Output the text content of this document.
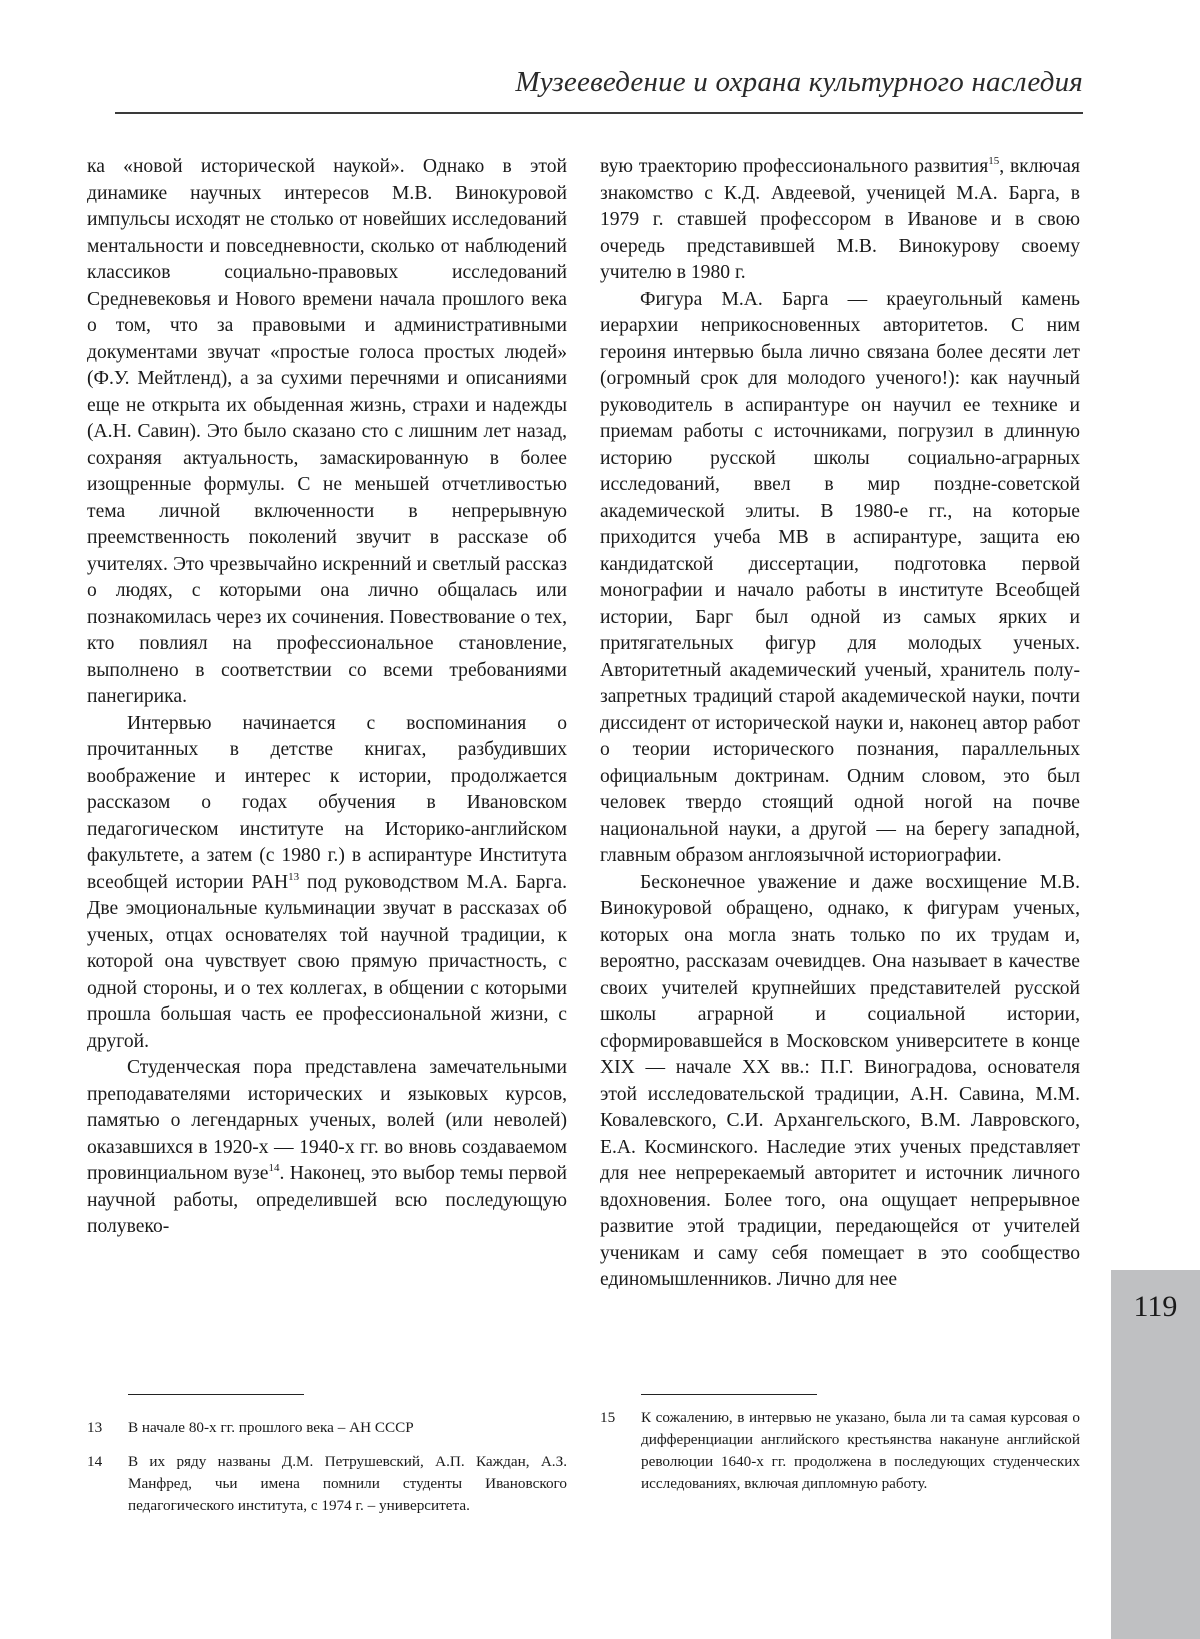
Музееведение и охрана культурного наследия

ка «новой исторической наукой». Однако в этой динамике научных интересов М.В. Винокуровой импульсы исходят не столько от новейших исследований ментальности и повседневности, сколько от наблюдений классиков социально-правовых исследований Средневековья и Нового времени начала прошлого века о том, что за правовыми и административными документами звучат «простые голоса простых людей» (Ф.У. Мейтленд), а за сухими перечнями и описаниями еще не открыта их обыденная жизнь, страхи и надежды (А.Н. Савин). Это было сказано сто с лишним лет назад, сохраняя актуальность, замаскированную в более изощренные формулы. С не меньшей отчетливостью тема личной включенности в непрерывную преемственность поколений звучит в рассказе об учителях. Это чрезвычайно искренний и светлый рассказ о людях, с которыми она лично общалась или познакомилась через их сочинения. Повествование о тех, кто повлиял на профессиональное становление, выполнено в соответствии со всеми требованиями панегирика.

Интервью начинается с воспоминания о прочитанных в детстве книгах, разбудивших воображение и интерес к истории, продолжается рассказом о годах обучения в Ивановском педагогическом институте на Историко-английском факультете, а затем (с 1980 г.) в аспирантуре Института всеобщей истории РАН$^{13}$ под руководством М.А. Барга. Две эмоциональные кульминации звучат в рассказах об ученых, отцах основателях той научной традиции, к которой она чувствует свою прямую причастность, с одной стороны, и о тех коллегах, в общении с которыми прошла большая часть ее профессиональной жизни, с другой.

Студенческая пора представлена замечательными преподавателями исторических и языковых курсов, памятью о легендарных ученых, волей (или неволей) оказавшихся в 1920-х — 1940-х гг. во вновь создаваемом провинциальном вузе$^{14}$. Наконец, это выбор темы первой научной работы, определившей всю последующую полувеко-

вую траекторию профессионального развития$^{15}$, включая знакомство с К.Д. Авдеевой, ученицей М.А. Барга, в 1979 г. ставшей профессором в Иванове и в свою очередь представившей М.В. Винокурову своему учителю в 1980 г.

Фигура М.А. Барга — краеугольный камень иерархии неприкосновенных авторитетов. С ним героиня интервью была лично связана более десяти лет (огромный срок для молодого ученого!): как научный руководитель в аспирантуре он научил ее технике и приемам работы с источниками, погрузил в длинную историю русской школы социально-аграрных исследований, ввел в мир поздне-советской академической элиты. В 1980-е гг., на которые приходится учеба МВ в аспирантуре, защита ею кандидатской диссертации, подготовка первой монографии и начало работы в институте Всеобщей истории, Барг был одной из самых ярких и притягательных фигур для молодых ученых. Авторитетный академический ученый, хранитель полу-запретных традиций старой академической науки, почти диссидент от исторической науки и, наконец автор работ о теории исторического познания, параллельных официальным доктринам. Одним словом, это был человек твердо стоящий одной ногой на почве национальной науки, а другой — на берегу западной, главным образом англоязычной историографии.

Бесконечное уважение и даже восхищение М.В. Винокуровой обращено, однако, к фигурам ученых, которых она могла знать только по их трудам и, вероятно, рассказам очевидцев. Она называет в качестве своих учителей крупнейших представителей русской школы аграрной и социальной истории, сформировавшейся в Московском университете в конце XIX — начале XX вв.: П.Г. Виноградова, основателя этой исследовательской традиции, А.Н. Савина, М.М. Ковалевского, С.И. Архангельского, В.М. Лавровского, Е.А. Косминского. Наследие этих ученых представляет для нее непререкаемый авторитет и источник личного вдохновения. Более того, она ощущает непрерывное развитие этой традиции, передающейся от учителей ученикам и саму себя помещает в это сообщество единомышленников. Лично для нее

13 В начале 80-х гг. прошлого века – АН СССР
14 В их ряду названы Д.М. Петрушевский, А.П. Каждан, А.З. Манфред, чьи имена помнили студенты Ивановского педагогического института, с 1974 г. – университета.
15 К сожалению, в интервью не указано, была ли та самая курсовая о дифференциации английского крестьянства накануне английской революции 1640-х гг. продолжена в последующих студенческих исследованиях, включая дипломную работу.
119
